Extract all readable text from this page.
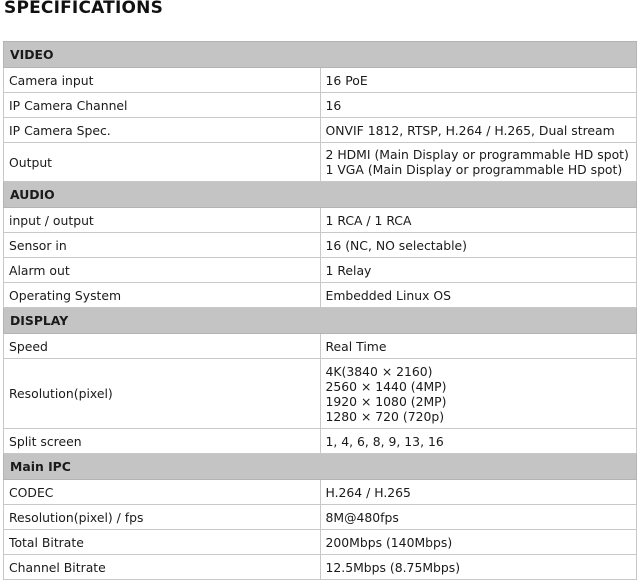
SPECIFICATIONS
VIDEO	
Camera input	16 PoE
IP Camera Channel	16
IP Camera Spec.	ONVIF 1812, RTSP, H.264 / H.265, Dual stream
Output	2 HDMI (Main Display or programmable HD spot)
1 VGA (Main Display or programmable HD spot)

AUDIO	
input / output	1 RCA / 1 RCA
Sensor in	16 (NC, NO selectable)
Alarm out	1 Relay
Operating System	Embedded Linux OS
DISPLAY	
Speed	Real Time
Resolution(pixel)	4K(3840 × 2160)
2560 × 1440 (4MP)
1920 × 1080 (2MP)
1280 × 720 (720p)

Split screen	1, 4, 6, 8, 9, 13, 16
Main IPC	
CODEC	H.264 / H.265
Resolution(pixel) / fps	8M@480fps
Total Bitrate	200Mbps (140Mbps)
Channel Bitrate	12.5Mbps (8.75Mbps)
